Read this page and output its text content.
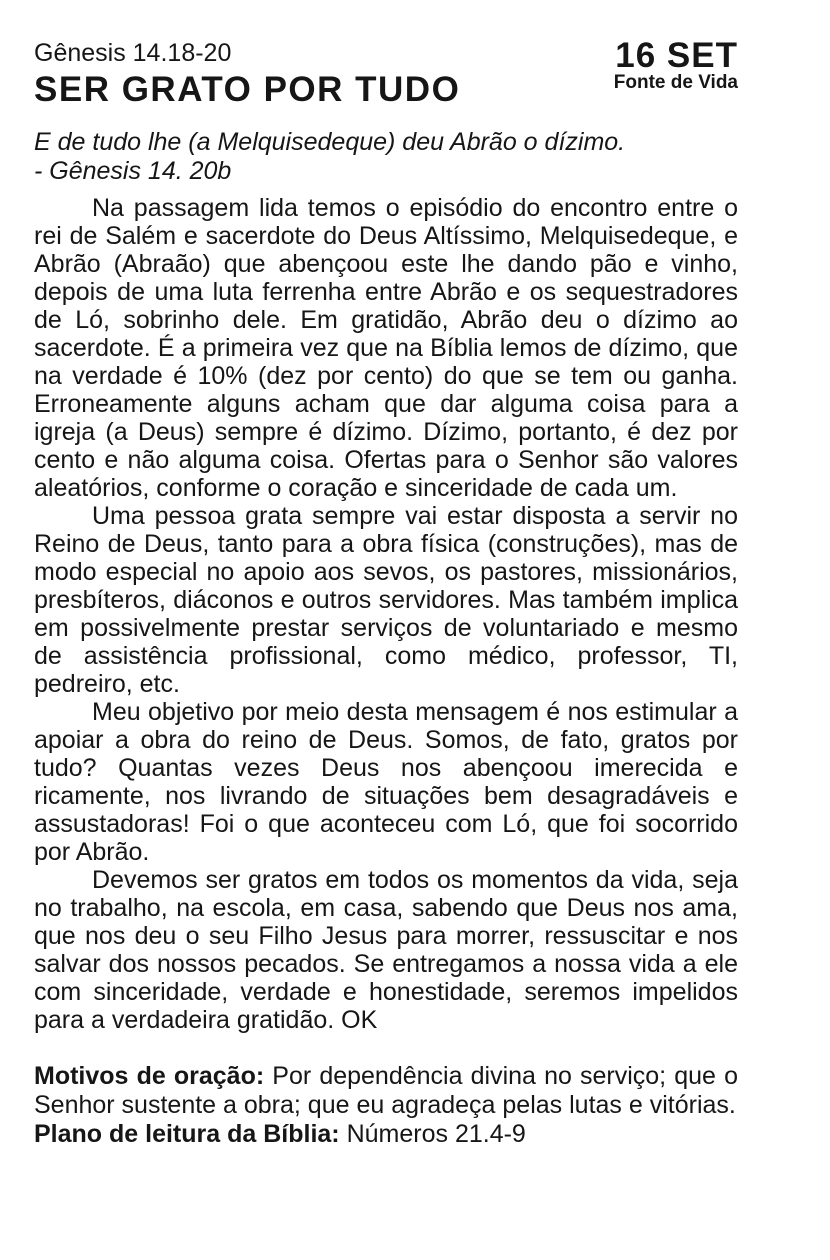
Gênesis 14.18-20
SER GRATO POR TUDO
16 SET
Fonte de Vida
E de tudo lhe (a Melquisedeque) deu Abrão o dízimo.
- Gênesis 14. 20b

Na passagem lida temos o episódio do encontro entre o rei de Salém e sacerdote do Deus Altíssimo, Melquisedeque, e Abrão (Abraão) que abençoou este lhe dando pão e vinho, depois de uma luta ferrenha entre Abrão e os sequestradores de Ló, sobrinho dele. Em gratidão, Abrão deu o dízimo ao sacerdote. É a primeira vez que na Bíblia lemos de dízimo, que na verdade é 10% (dez por cento) do que se tem ou ganha. Erroneamente alguns acham que dar alguma coisa para a igreja (a Deus) sempre é dízimo. Dízimo, portanto, é dez por cento e não alguma coisa. Ofertas para o Senhor são valores aleatórios, conforme o coração e sinceridade de cada um.

Uma pessoa grata sempre vai estar disposta a servir no Reino de Deus, tanto para a obra física (construções), mas de modo especial no apoio aos sevos, os pastores, missionários, presbíteros, diáconos e outros servidores. Mas também implica em possivelmente prestar serviços de voluntariado e mesmo de assistência profissional, como médico, professor, TI, pedreiro, etc.

Meu objetivo por meio desta mensagem é nos estimular a apoiar a obra do reino de Deus. Somos, de fato, gratos por tudo? Quantas vezes Deus nos abençoou imerecida e ricamente, nos livrando de situações bem desagradáveis e assustadoras! Foi o que aconteceu com Ló, que foi socorrido por Abrão.

Devemos ser gratos em todos os momentos da vida, seja no trabalho, na escola, em casa, sabendo que Deus nos ama, que nos deu o seu Filho Jesus para morrer, ressuscitar e nos salvar dos nossos pecados. Se entregamos a nossa vida a ele com sinceridade, verdade e honestidade, seremos impelidos para a verdadeira gratidão. OK

Motivos de oração: Por dependência divina no serviço; que o Senhor sustente a obra; que eu agradeça pelas lutas e vitórias.

Plano de leitura da Bíblia: Números 21.4-9
